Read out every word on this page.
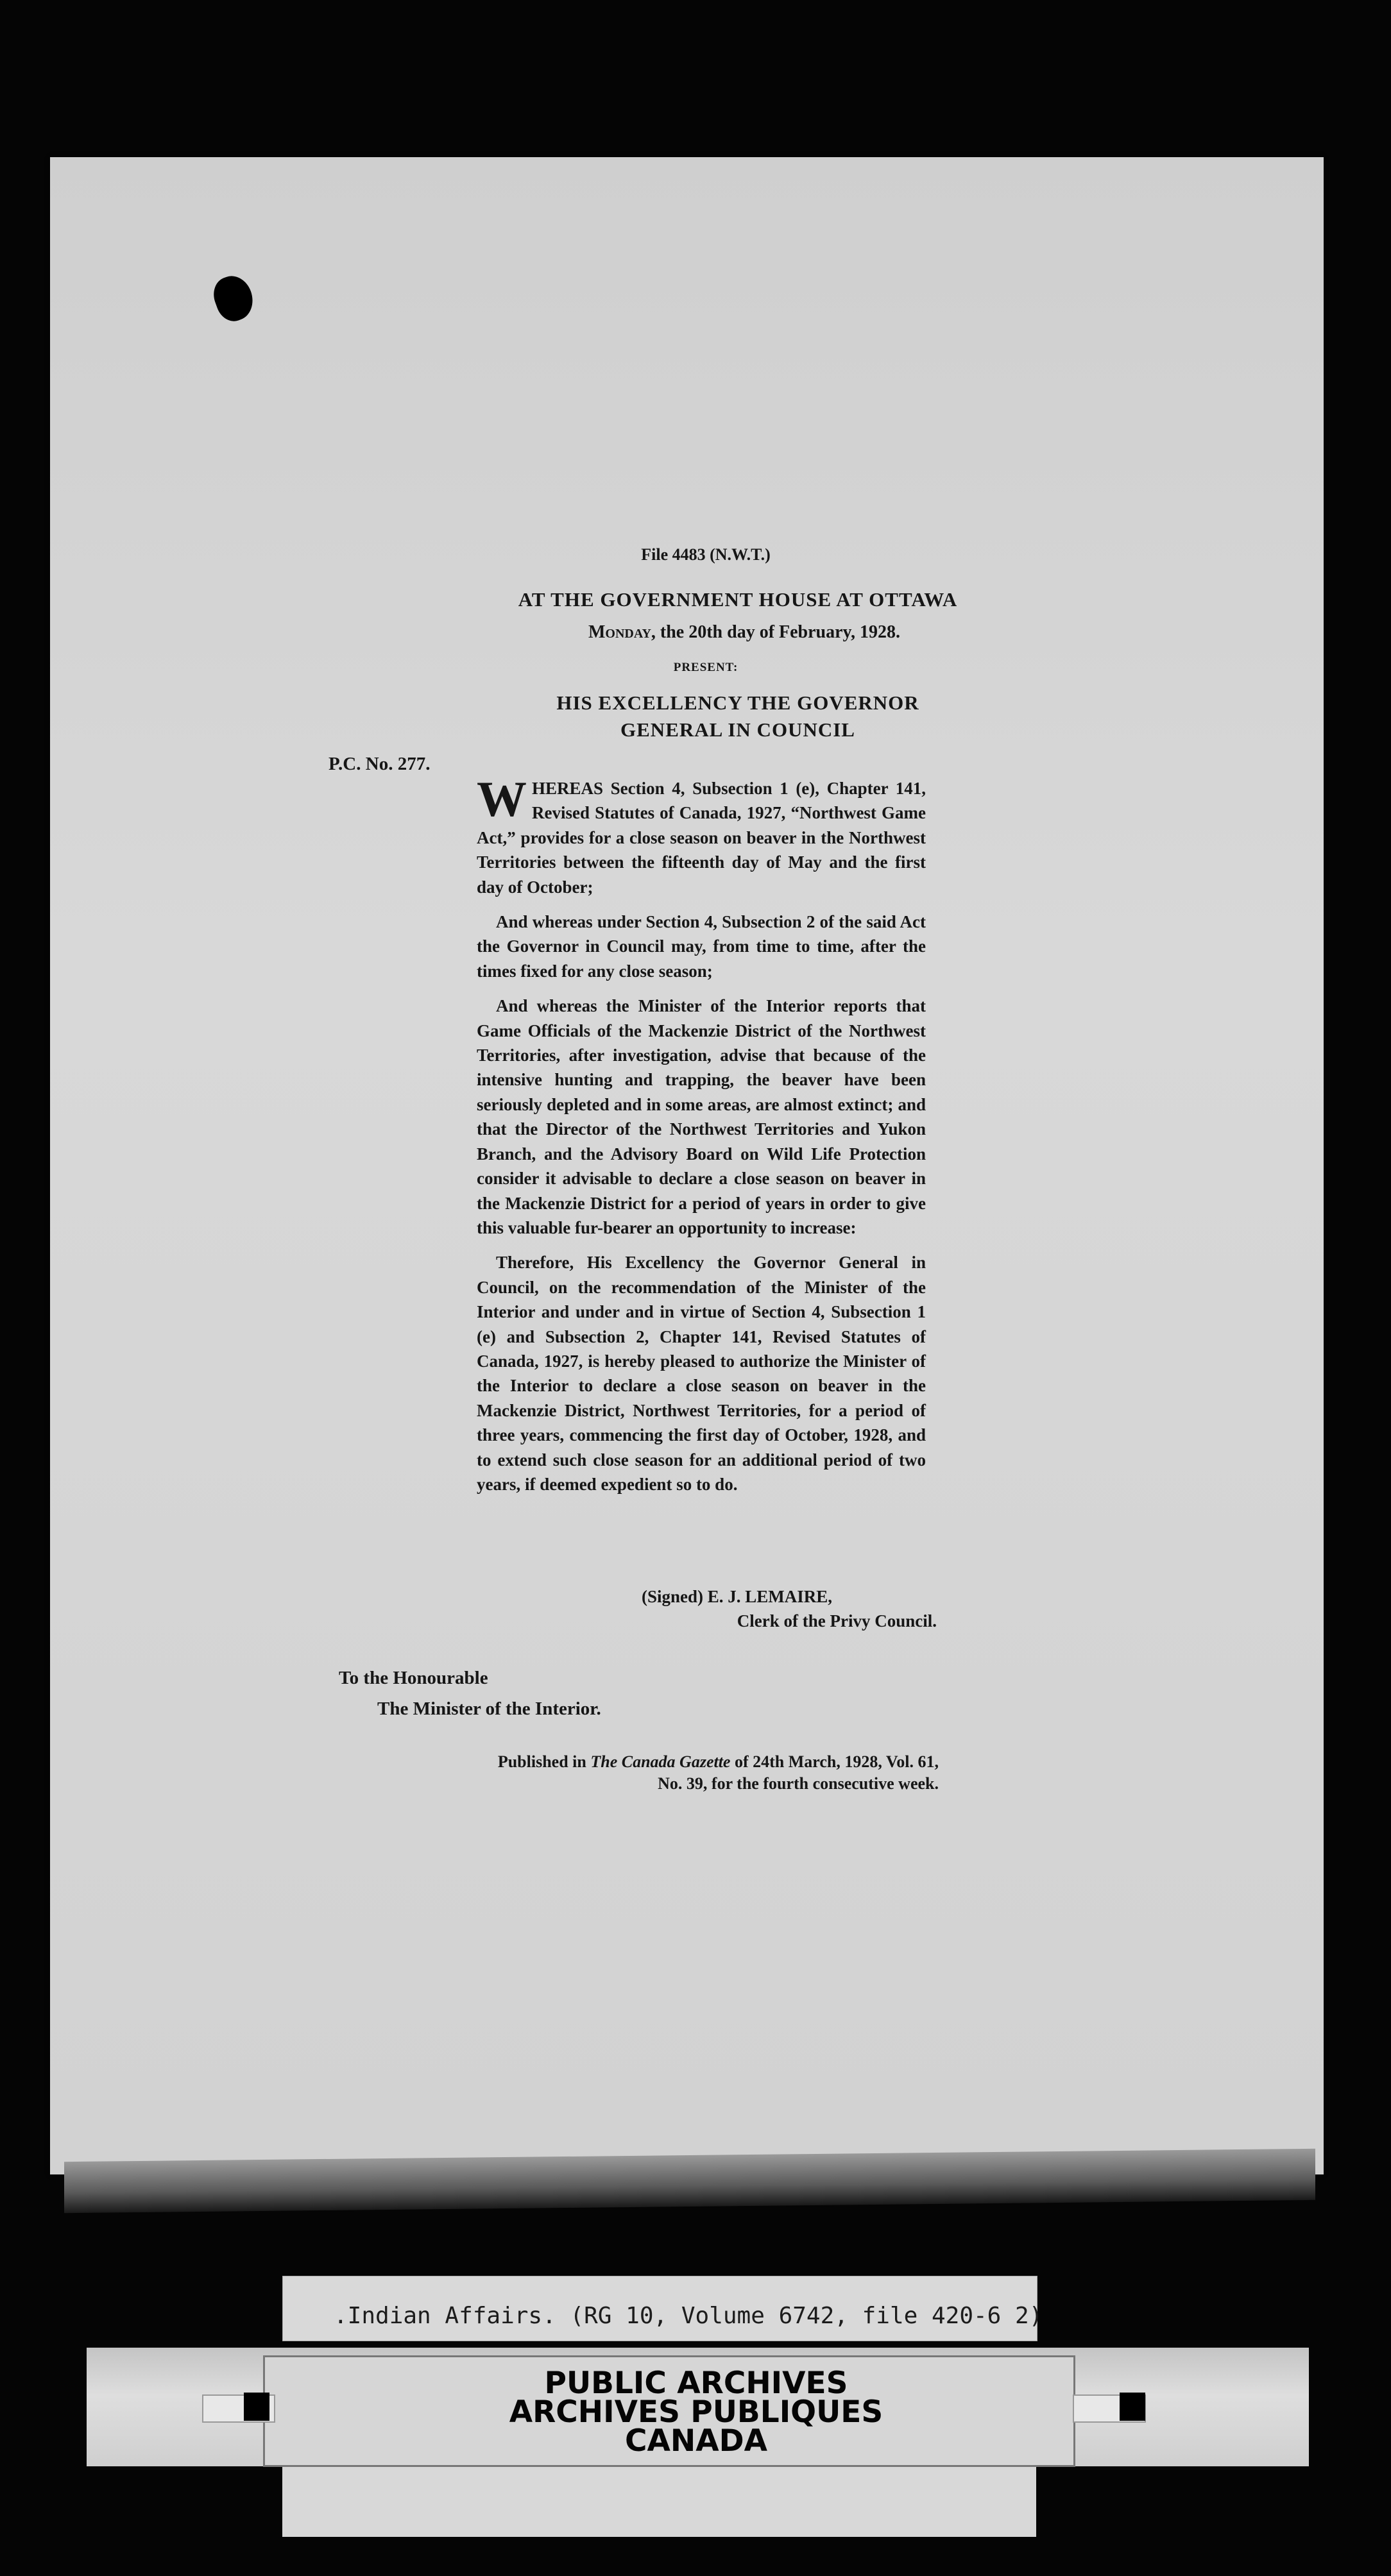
File 4483 (N.W.T.)
AT THE GOVERNMENT HOUSE AT OTTAWA
Monday, the 20th day of February, 1928.
PRESENT:
HIS EXCELLENCY THE GOVERNOR
GENERAL IN COUNCIL
P.C. No. 277.

WHEREAS Section 4, Subsection 1 (e), Chapter 141, Revised Statutes of Canada, 1927, “Northwest Game Act,” provides for a close season on beaver in the Northwest Territories between the fifteenth day of May and the first day of October;

And whereas under Section 4, Subsection 2 of the said Act the Governor in Council may, from time to time, after the times fixed for any close season;

And whereas the Minister of the Interior reports that Game Officials of the Mackenzie District of the Northwest Territories, after investigation, advise that because of the intensive hunting and trapping, the beaver have been seriously depleted and in some areas, are almost extinct; and that the Director of the Northwest Territories and Yukon Branch, and the Advisory Board on Wild Life Protection consider it advisable to declare a close season on beaver in the Mackenzie District for a period of years in order to give this valuable fur-bearer an opportunity to increase:

Therefore, His Excellency the Governor General in Council, on the recommendation of the Minister of the Interior and under and in virtue of Section 4, Subsection 1 (e) and Subsection 2, Chapter 141, Revised Statutes of Canada, 1927, is hereby pleased to authorize the Minister of the Interior to declare a close season on beaver in the Mackenzie District, Northwest Territories, for a period of three years, commencing the first day of October, 1928, and to extend such close season for an additional period of two years, if deemed expedient so to do.

(Signed) E. J. LEMAIRE,
Clerk of the Privy Council.
To the Honourable
The Minister of the Interior.
Published in The Canada Gazette of 24th March, 1928, Vol. 61, No. 39, for the fourth consecutive week.
.Indian Affairs. (RG 10, Volume 6742, file 420-6 2)
PUBLIC ARCHIVES
ARCHIVES PUBLIQUES
CANADA
